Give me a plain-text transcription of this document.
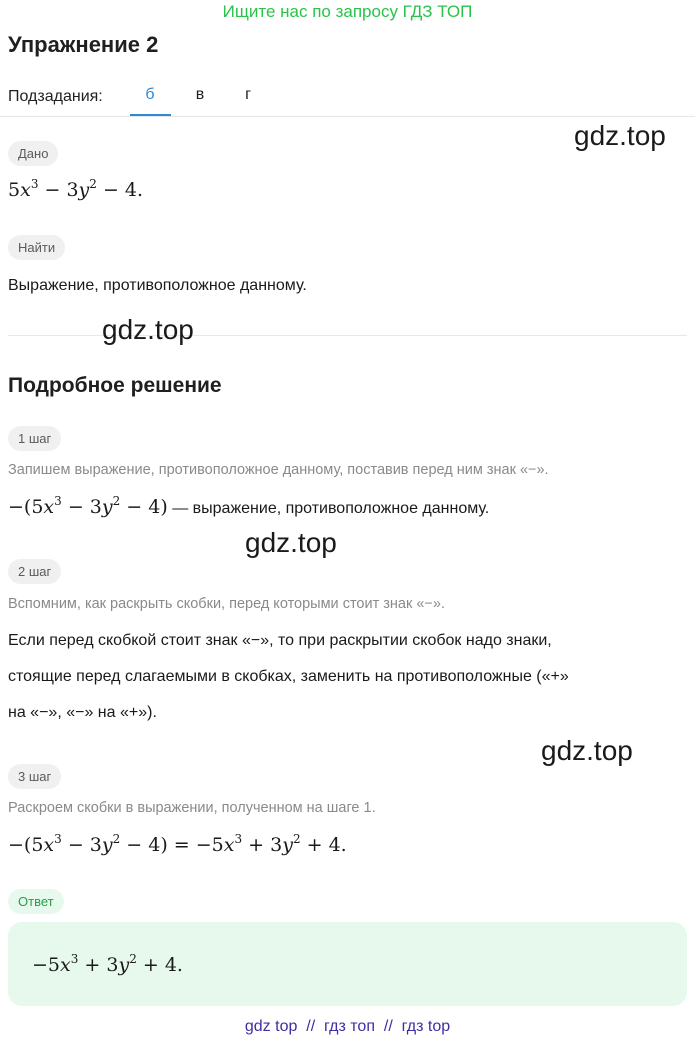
Ищите нас по запросу ГДЗ ТОП
Упражнение 2
Подзадания:	б	в	г
gdz.top
Дано
$5x^3 - 3y^2 - 4$.
Найти
Выражение, противоположное данному.
gdz.top
Подробное решение
1 шаг
Запишем выражение, противоположное данному, поставив перед ним знак «−».
$-(5x^3 - 3y^2 - 4)$ — выражение, противоположное данному.
gdz.top
2 шаг
Вспомним, как раскрыть скобки, перед которыми стоит знак «−».
Если перед скобкой стоит знак «−», то при раскрытии скобок надо знаки,
стоящие перед слагаемыми в скобках, заменить на противоположные («+»
на «−», «−» на «+»).
gdz.top
3 шаг
Раскроем скобки в выражении, полученном на шаге 1.
$-(5x^3 - 3y^2 - 4) = -5x^3 + 3y^2 + 4$.
Ответ
$-5x^3 + 3y^2 + 4$.
gdz top  //  гдз топ  //  гдз top
